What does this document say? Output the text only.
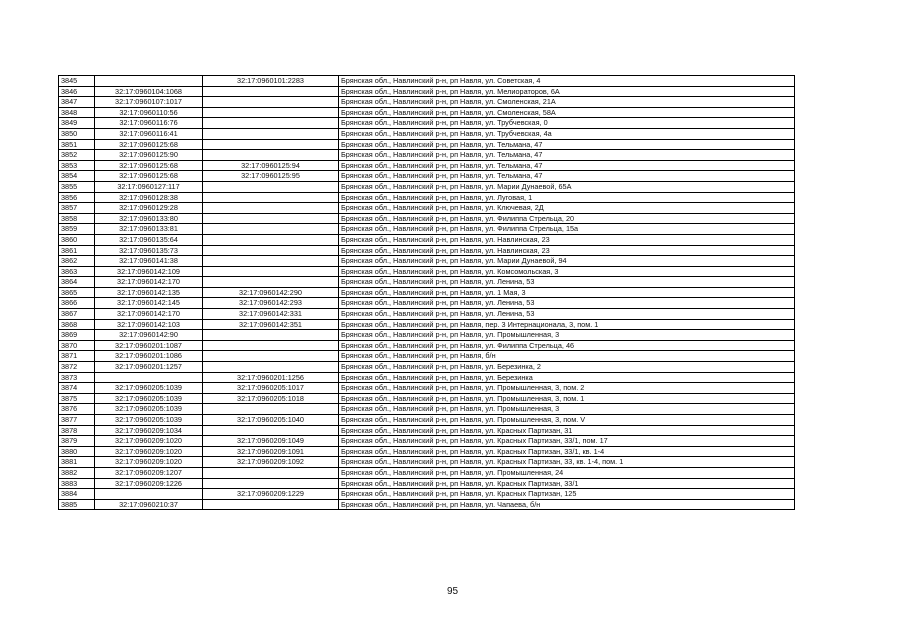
3845		32:17:0960101:2283	Брянская обл., Навлинский р-н, рп Навля, ул. Советская, 4
3846	32:17:0960104:1068		Брянская обл., Навлинский р-н, рп Навля, ул. Мелиораторов, 6А
3847	32:17:0960107:1017		Брянская обл., Навлинский р-н, рп Навля, ул. Смоленская, 21А
3848	32:17:0960110:56		Брянская обл., Навлинский р-н, рп Навля, ул. Смоленская, 58А
3849	32:17:0960116:76		Брянская обл., Навлинский р-н, рп Навля, ул. Трубчевская, 0
3850	32:17:0960116:41		Брянская обл., Навлинский р-н, рп Навля, ул. Трубчевская, 4а
3851	32:17:0960125:68		Брянская обл., Навлинский р-н, рп Навля, ул. Тельмана, 47
3852	32:17:0960125:90		Брянская обл., Навлинский р-н, рп Навля, ул. Тельмана, 47
3853	32:17:0960125:68	32:17:0960125:94	Брянская обл., Навлинский р-н, рп Навля, ул. Тельмана, 47
3854	32:17:0960125:68	32:17:0960125:95	Брянская обл., Навлинский р-н, рп Навля, ул. Тельмана, 47
3855	32:17:0960127:117		Брянская обл., Навлинский р-н, рп Навля, ул. Марии Дунаевой, 65А
3856	32:17:0960128:38		Брянская обл., Навлинский р-н, рп Навля, ул. Луговая, 1
3857	32:17:0960129:28		Брянская обл., Навлинский р-н, рп Навля, ул. Ключевая, 2Д
3858	32:17:0960133:80		Брянская обл., Навлинский р-н, рп Навля, ул. Филиппа Стрельца, 20
3859	32:17:0960133:81		Брянская обл., Навлинский р-н, рп Навля, ул. Филиппа Стрельца, 15а
3860	32:17:0960135:64		Брянская обл., Навлинский р-н, рп Навля, ул. Навлинская, 23
3861	32:17:0960135:73		Брянская обл., Навлинский р-н, рп Навля, ул. Навлинская, 23
3862	32:17:0960141:38		Брянская обл., Навлинский р-н, рп Навля, ул. Марии Дунаевой, 94
3863	32:17:0960142:109		Брянская обл., Навлинский р-н, рп Навля, ул. Комсомольская, 3
3864	32:17:0960142:170		Брянская обл., Навлинский р-н, рп Навля, ул. Ленина, 53
3865	32:17:0960142:135	32:17:0960142:290	Брянская обл., Навлинский р-н, рп Навля, ул. 1 Мая, 3
3866	32:17:0960142:145	32:17:0960142:293	Брянская обл., Навлинский р-н, рп Навля, ул. Ленина, 53
3867	32:17:0960142:170	32:17:0960142:331	Брянская обл., Навлинский р-н, рп Навля, ул. Ленина, 53
3868	32:17:0960142:103	32:17:0960142:351	Брянская обл., Навлинский р-н, рп Навля, пер. 3 Интернационала, 3, пом. 1
3869	32:17:0960142:90		Брянская обл., Навлинский р-н, рп Навля, ул. Промышленная, 3
3870	32:17:0960201:1087		Брянская обл., Навлинский р-н, рп Навля, ул. Филиппа Стрельца, 46
3871	32:17:0960201:1086		Брянская обл., Навлинский р-н, рп Навля, б/н
3872	32:17:0960201:1257		Брянская обл., Навлинский р-н, рп Навля, ул. Березинка, 2
3873		32:17:0960201:1256	Брянская обл., Навлинский р-н, рп Навля, ул. Березинка
3874	32:17:0960205:1039	32:17:0960205:1017	Брянская обл., Навлинский р-н, рп Навля, ул. Промышленная, 3, пом. 2
3875	32:17:0960205:1039	32:17:0960205:1018	Брянская обл., Навлинский р-н, рп Навля, ул. Промышленная, 3, пом. 1
3876	32:17:0960205:1039		Брянская обл., Навлинский р-н, рп Навля, ул. Промышленная, 3
3877	32:17:0960205:1039	32:17:0960205:1040	Брянская обл., Навлинский р-н, рп Навля, ул. Промышленная, 3, пом. V
3878	32:17:0960209:1034		Брянская обл., Навлинский р-н, рп Навля, ул. Красных Партизан, 31
3879	32:17:0960209:1020	32:17:0960209:1049	Брянская обл., Навлинский р-н, рп Навля, ул. Красных Партизан, 33/1, пом. 17
3880	32:17:0960209:1020	32:17:0960209:1091	Брянская обл., Навлинский р-н, рп Навля, ул. Красных Партизан, 33/1, кв. 1-4
3881	32:17:0960209:1020	32:17:0960209:1092	Брянская обл., Навлинский р-н, рп Навля, ул. Красных Партизан, 33, кв. 1-4, пом. 1
3882	32:17:0960209:1207		Брянская обл., Навлинский р-н, рп Навля, ул. Промышленная, 24
3883	32:17:0960209:1226		Брянская обл., Навлинский р-н, рп Навля, ул. Красных Партизан, 33/1
3884		32:17:0960209:1229	Брянская обл., Навлинский р-н, рп Навля, ул. Красных Партизан, 125
3885	32:17:0960210:37		Брянская обл., Навлинский р-н, рп Навля, ул. Чапаева, б/н
95
